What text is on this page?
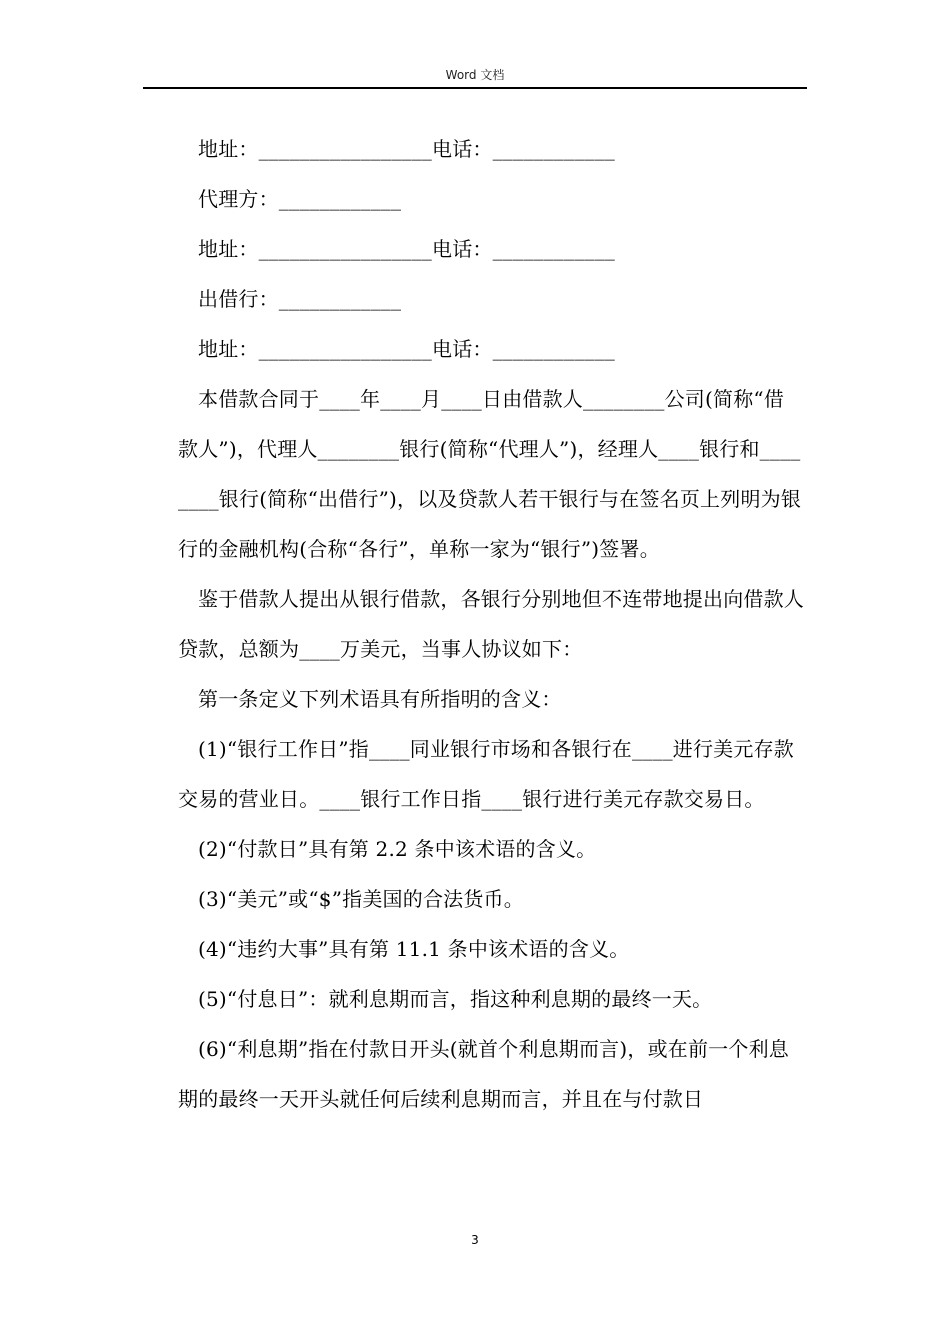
Word 文档

地址：_________________电话：____________

代理方：____________

地址：_________________电话：____________

出借行：____________

地址：_________________电话：____________

本借款合同于____年____月____日由借款人________公司(简称“借款人”)，代理人________银行(简称“代理人”)，经理人____银行和________银行(简称“出借行”)，以及贷款人若干银行与在签名页上列明为银行的金融机构(合称“各行”，单称一家为“银行”)签署。

鉴于借款人提出从银行借款，各银行分别地但不连带地提出向借款人贷款，总额为____万美元，当事人协议如下：

第一条定义下列术语具有所指明的含义：

(1)“银行工作日”指____同业银行市场和各银行在____进行美元存款交易的营业日。____银行工作日指____银行进行美元存款交易日。

(2)“付款日”具有第 2.2 条中该术语的含义。

(3)“美元”或“$”指美国的合法货币。

(4)“违约大事”具有第 11.1 条中该术语的含义。

(5)“付息日”：就利息期而言，指这种利息期的最终一天。

(6)“利息期”指在付款日开头(就首个利息期而言)，或在前一个利息期的最终一天开头就任何后续利息期而言，并且在与付款日

3
